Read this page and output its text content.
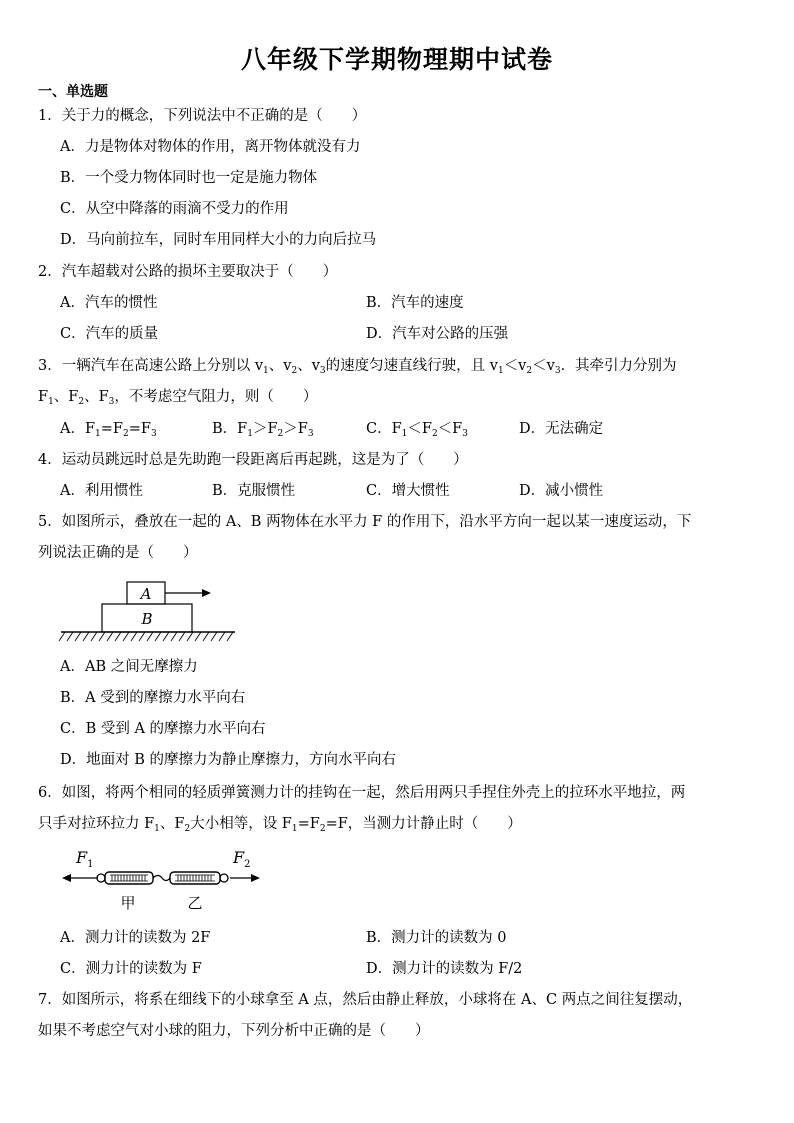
八年级下学期物理期中试卷
一、单选题
1．关于力的概念，下列说法中不正确的是（　　）
A．力是物体对物体的作用，离开物体就没有力
B．一个受力物体同时也一定是施力物体
C．从空中降落的雨滴不受力的作用
D．马向前拉车，同时车用同样大小的力向后拉马
2．汽车超载对公路的损坏主要取决于（　　）
A．汽车的惯性	B．汽车的速度
C．汽车的质量	D．汽车对公路的压强
3．一辆汽车在高速公路上分别以 $v_1$、$v_2$、$v_3$的速度匀速直线行驶，且 $v_1<v_2<v_3$．其牵引力分别为
$F_1$、$F_2$、$F_3$，不考虑空气阻力，则（　　）
A．$F_1=F_2=F_3$	B．$F_1>F_2>F_3$	C．$F_1<F_2<F_3$	D．无法确定
4．运动员跳远时总是先助跑一段距离后再起跳，这是为了（　　）
A．利用惯性	B．克服惯性	C．增大惯性	D．减小惯性
5．如图所示，叠放在一起的 A、B 两物体在水平力 F 的作用下，沿水平方向一起以某一速度运动，下
列说法正确的是（　　）
A
B
A．AB 之间无摩擦力
B．A 受到的摩擦力水平向右
C．B 受到 A 的摩擦力水平向右
D．地面对 B 的摩擦力为静止摩擦力，方向水平向右
6．如图，将两个相同的轻质弹簧测力计的挂钩在一起，然后用两只手捏住外壳上的拉环水平地拉，两
只手对拉环拉力 $F_1$、$F_2$大小相等，设 $F_1=F_2=F$，当测力计静止时（　　）
$F_1$	$F_2$
甲	乙
A．测力计的读数为 2F	B．测力计的读数为 0
C．测力计的读数为 F	D．测力计的读数为 F/2
7．如图所示，将系在细线下的小球拿至 A 点，然后由静止释放，小球将在 A、C 两点之间往复摆动，
如果不考虑空气对小球的阻力，下列分析中正确的是（　　）
